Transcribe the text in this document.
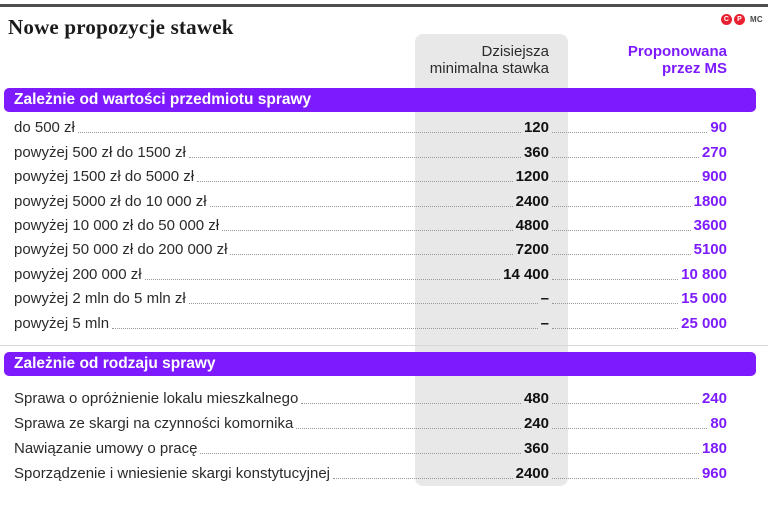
Nowe propozycje stawek	C	P	MC
Dzisiejsza
minimalna stawka
Proponowana
przez MS
Zależnie od wartości przedmiotu sprawy
do 500 zł	120	90
powyżej 500 zł do 1500 zł	360	270
powyżej 1500 zł do 5000 zł	1200	900
powyżej 5000 zł do 10 000 zł	2400	1800
powyżej 10 000 zł do 50 000 zł	4800	3600
powyżej 50 000 zł do 200 000 zł	7200	5100
powyżej 200 000 zł	14 400	10 800
powyżej 2 mln do 5 mln zł	–	15 000
powyżej 5 mln	–	25 000
Zależnie od rodzaju sprawy
Sprawa o opróżnienie lokalu mieszkalnego	480	240
Sprawa ze skargi na czynności komornika	240	80
Nawiązanie umowy o pracę	360	180
Sporządzenie i wniesienie skargi konstytucyjnej	2400	960
